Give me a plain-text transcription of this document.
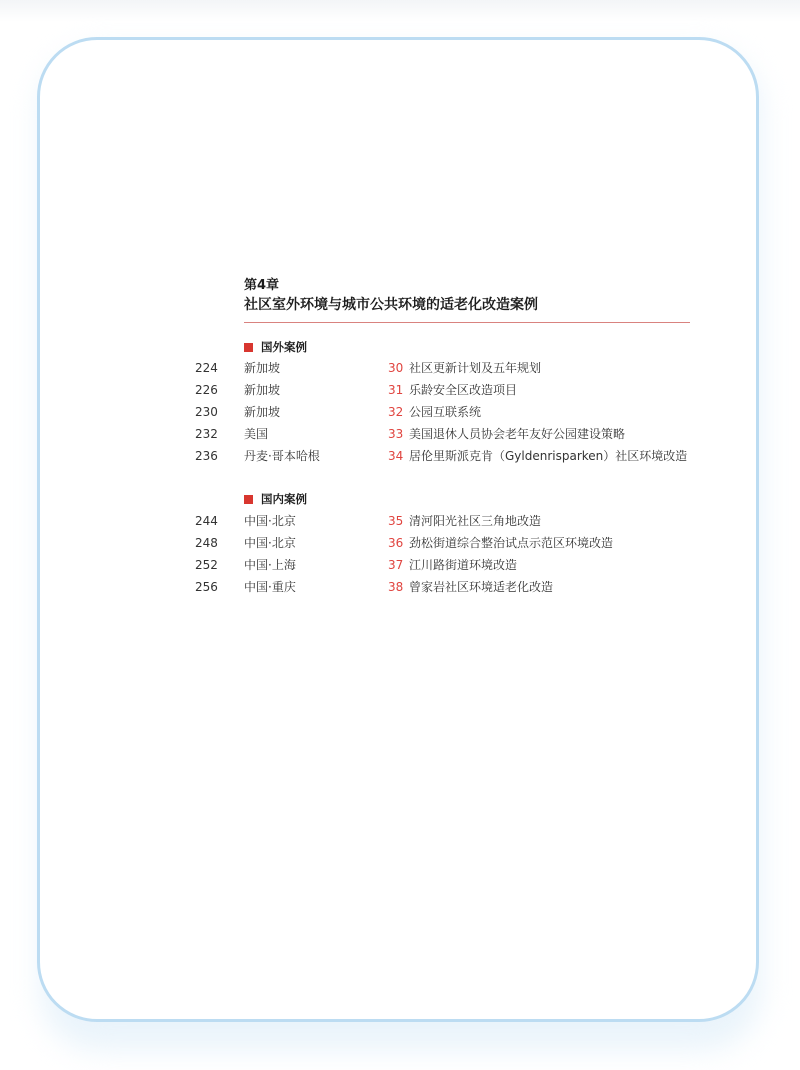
第4章
社区室外环境与城市公共环境的适老化改造案例
国外案例
224 新加坡	30 社区更新计划及五年规划
226 新加坡	31 乐龄安全区改造项目
230 新加坡	32 公园互联系统
232 美国	33 美国退休人员协会老年友好公园建设策略
236 丹麦·哥本哈根	34 居伦里斯派克肯（Gyldenrisparken）社区环境改造
国内案例
244 中国·北京	35 清河阳光社区三角地改造
248 中国·北京	36 劲松街道综合整治试点示范区环境改造
252 中国·上海	37 江川路街道环境改造
256 中国·重庆	38 曾家岩社区环境适老化改造
